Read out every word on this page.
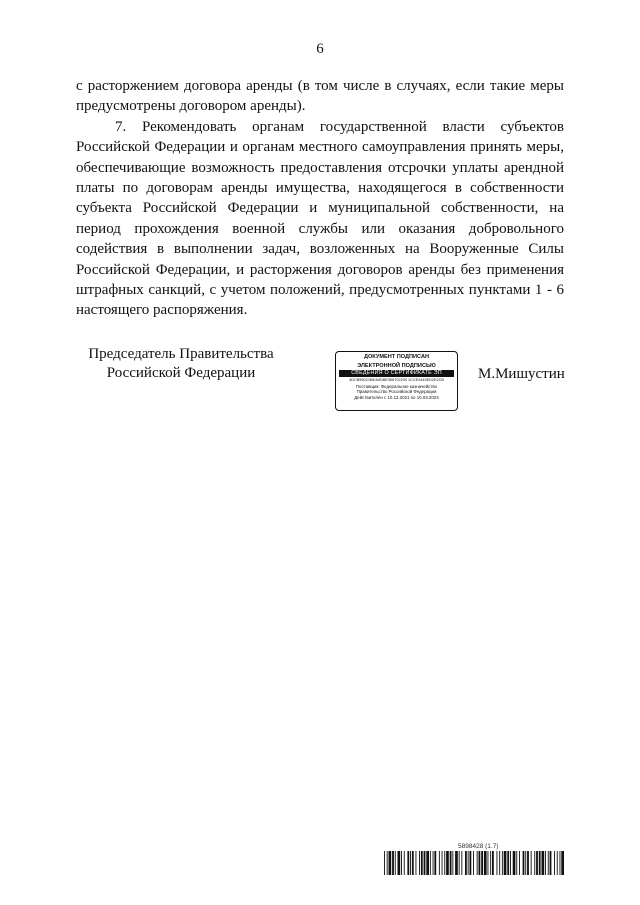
6

с расторжением договора аренды (в том числе в случаях, если такие меры предусмотрены договором аренды).

7. Рекомендовать органам государственной власти субъектов Российской Федерации и органам местного самоуправления принять меры, обеспечивающие возможность предоставления отсрочки уплаты арендной платы по договорам аренды имущества, находящегося в собственности субъекта Российской Федерации и муниципальной собственности, на период прохождения военной службы или оказания добровольного содействия в выполнении задач, возложенных на Вооруженные Силы Российской Федерации, и расторжения договоров аренды без применения штрафных санкций, с учетом положений, предусмотренных пунктами 1 - 6 настоящего распоряжения.

Председатель Правительства
Российской Федерации
ДОКУМЕНТ ПОДПИСАН
ЭЛЕКТРОННОЙ ПОДПИСЬЮ
СВЕДЕНИЯ О СЕРТИФИКАТЕ ЭП
4DCB950C0BEA0DBE306702209 1CCE4449ED2E2CB
Поставщик: Федеральное казначейство
Правительство Российской Федерации
Действителен с 10.12.2021 по 10.03.2023
М.Мишустин
5898428 (1.7)
